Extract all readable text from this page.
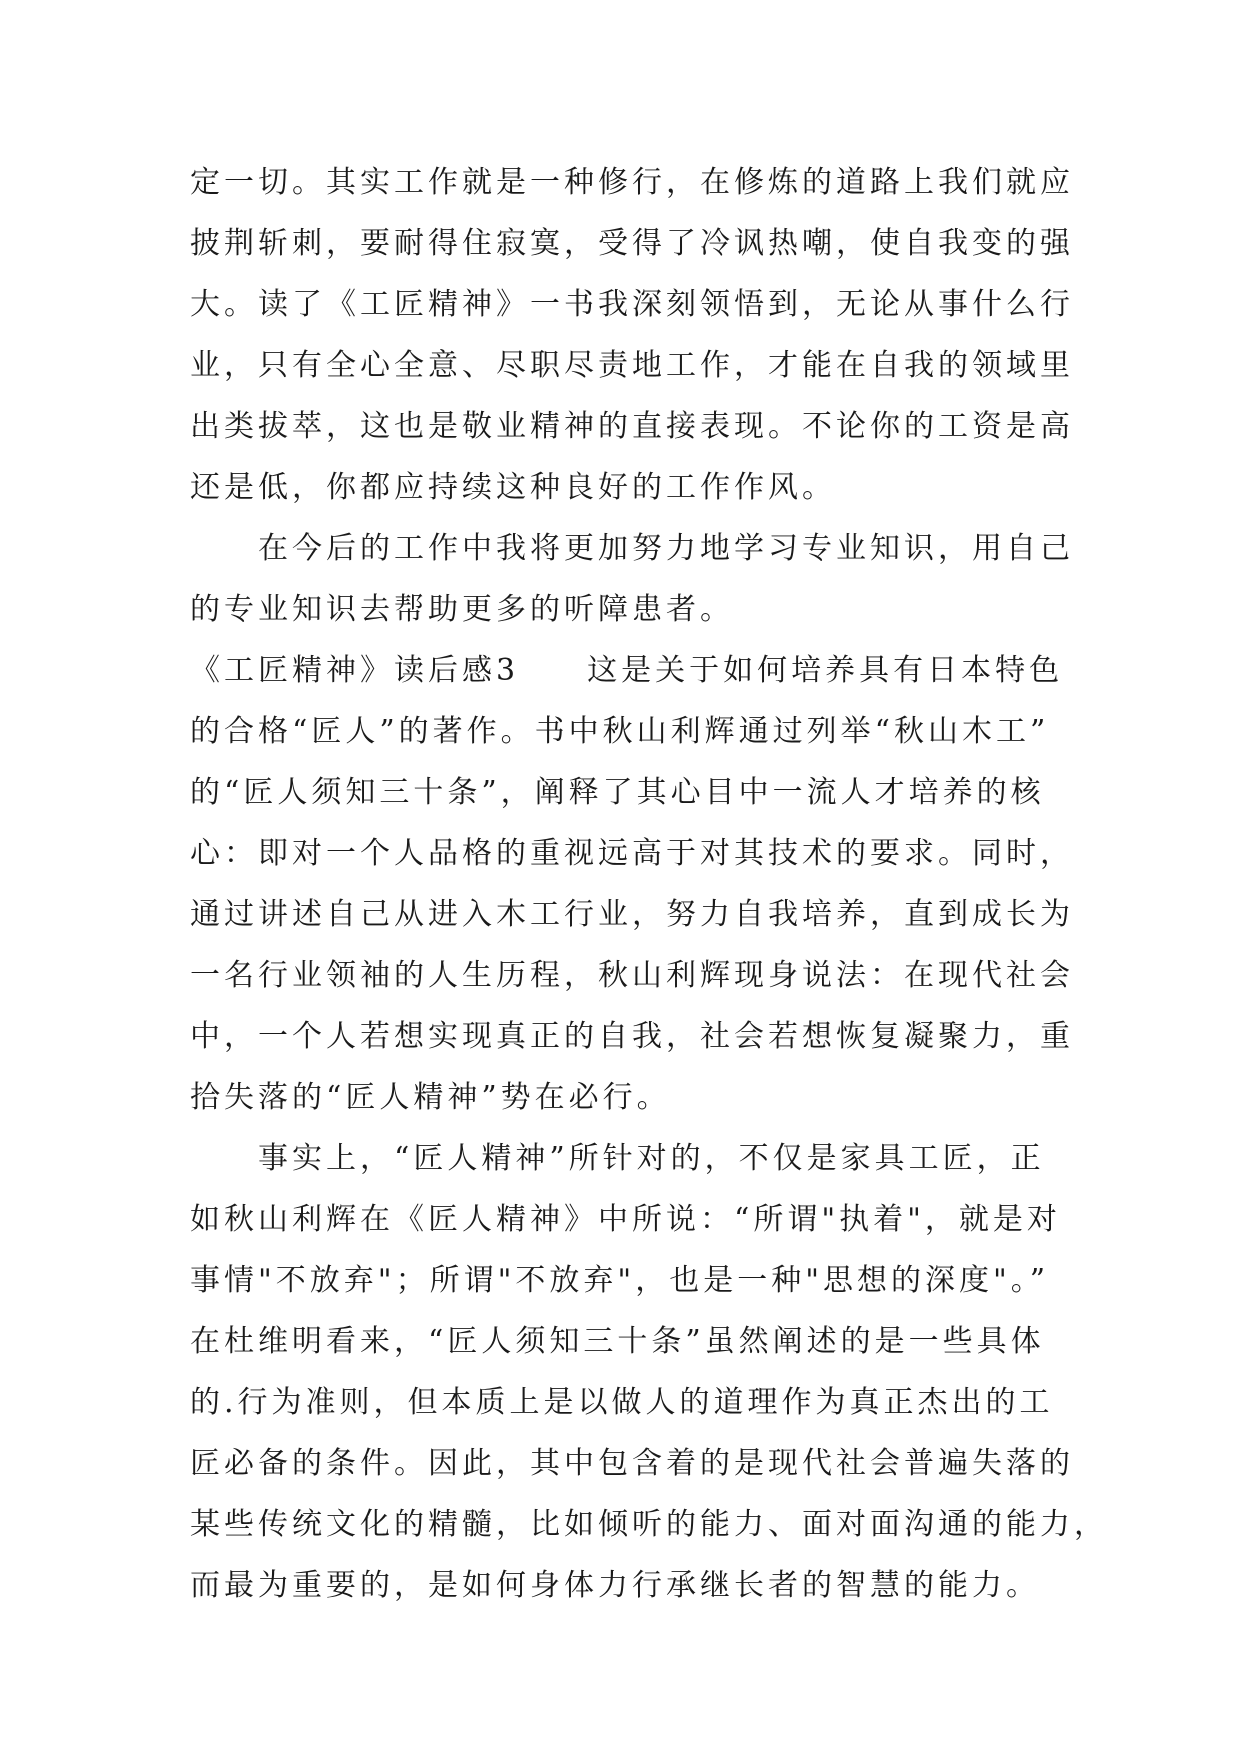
定一切。其实工作就是一种修行，在修炼的道路上我们就应
披荆斩刺，要耐得住寂寞，受得了冷讽热嘲，使自我变的强
大。读了《工匠精神》一书我深刻领悟到，无论从事什么行
业，只有全心全意、尽职尽责地工作，才能在自我的领域里
出类拔萃，这也是敬业精神的直接表现。不论你的工资是高
还是低，你都应持续这种良好的工作作风。
　　在今后的工作中我将更加努力地学习专业知识，用自己
的专业知识去帮助更多的听障患者。
《工匠精神》读后感3　　这是关于如何培养具有日本特色
的合格“匠人”的著作。书中秋山利辉通过列举“秋山木工”
的“匠人须知三十条”，阐释了其心目中一流人才培养的核
心：即对一个人品格的重视远高于对其技术的要求。同时，
通过讲述自己从进入木工行业，努力自我培养，直到成长为
一名行业领袖的人生历程，秋山利辉现身说法：在现代社会
中，一个人若想实现真正的自我，社会若想恢复凝聚力，重
拾失落的“匠人精神”势在必行。
　　事实上，“匠人精神”所针对的，不仅是家具工匠，正
如秋山利辉在《匠人精神》中所说：“所谓"执着"，就是对
事情"不放弃"；所谓"不放弃"，也是一种"思想的深度"。”
在杜维明看来，“匠人须知三十条”虽然阐述的是一些具体
的.行为准则，但本质上是以做人的道理作为真正杰出的工
匠必备的条件。因此，其中包含着的是现代社会普遍失落的
某些传统文化的精髓，比如倾听的能力、面对面沟通的能力，
而最为重要的，是如何身体力行承继长者的智慧的能力。
